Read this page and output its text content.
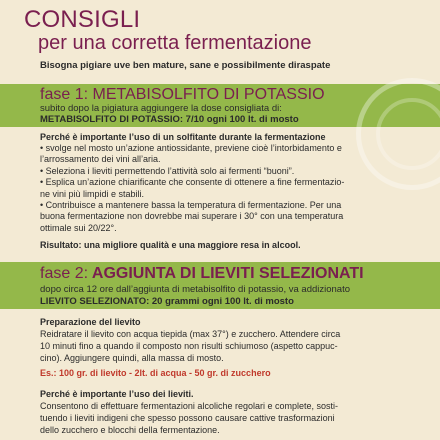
CONSIGLI
per una corretta fermentazione
Bisogna pigiare uve ben mature, sane e possibilmente diraspate
fase 1: METABISOLFITO DI POTASSIO
subito dopo la pigiatura aggiungere la dose consigliata di:
METABISOLFITO DI POTASSIO: 7/10 ogni 100 lt. di mosto
Perché è importante l’uso di un solfitante durante la fermentazione
• svolge nel mosto un’azione antiossidante, previene cioè l’intorbidamento e
l’arrossamento dei vini all’aria.
• Seleziona i lieviti permettendo l’attività solo ai fermenti “buoni”.
• Esplica un’azione chiarificante che consente di ottenere a fine fermentazio-
ne vini più limpidi e stabili.
• Contribuisce a mantenere bassa la temperatura di fermentazione. Per una
buona fermentazione non dovrebbe mai superare i 30° con una temperatura
ottimale sui 20/22°.
Risultato: una migliore qualità e una maggiore resa in alcool.
fase 2: AGGIUNTA DI LIEVITI SELEZIONATI
dopo circa 12 ore dall’aggiunta di metabisolfito di potassio, va addizionato
LIEVITO SELEZIONATO: 20 grammi ogni 100 lt. di mosto
Preparazione del lievito
Reidratare il lievito con acqua tiepida (max 37°) e zucchero. Attendere circa
10 minuti fino a quando il composto non risulti schiumoso (aspetto cappuc-
cino). Aggiungere quindi, alla massa di mosto.
Es.: 100 gr. di lievito - 2lt. di acqua - 50 gr. di zucchero
Perché è importante l’uso dei lieviti.
Consentono di effettuare fermentazioni alcoliche regolari e complete, sosti-
tuendo i lieviti indigeni che spesso possono causare cattive trasformazioni
dello zucchero e blocchi della fermentazione.
